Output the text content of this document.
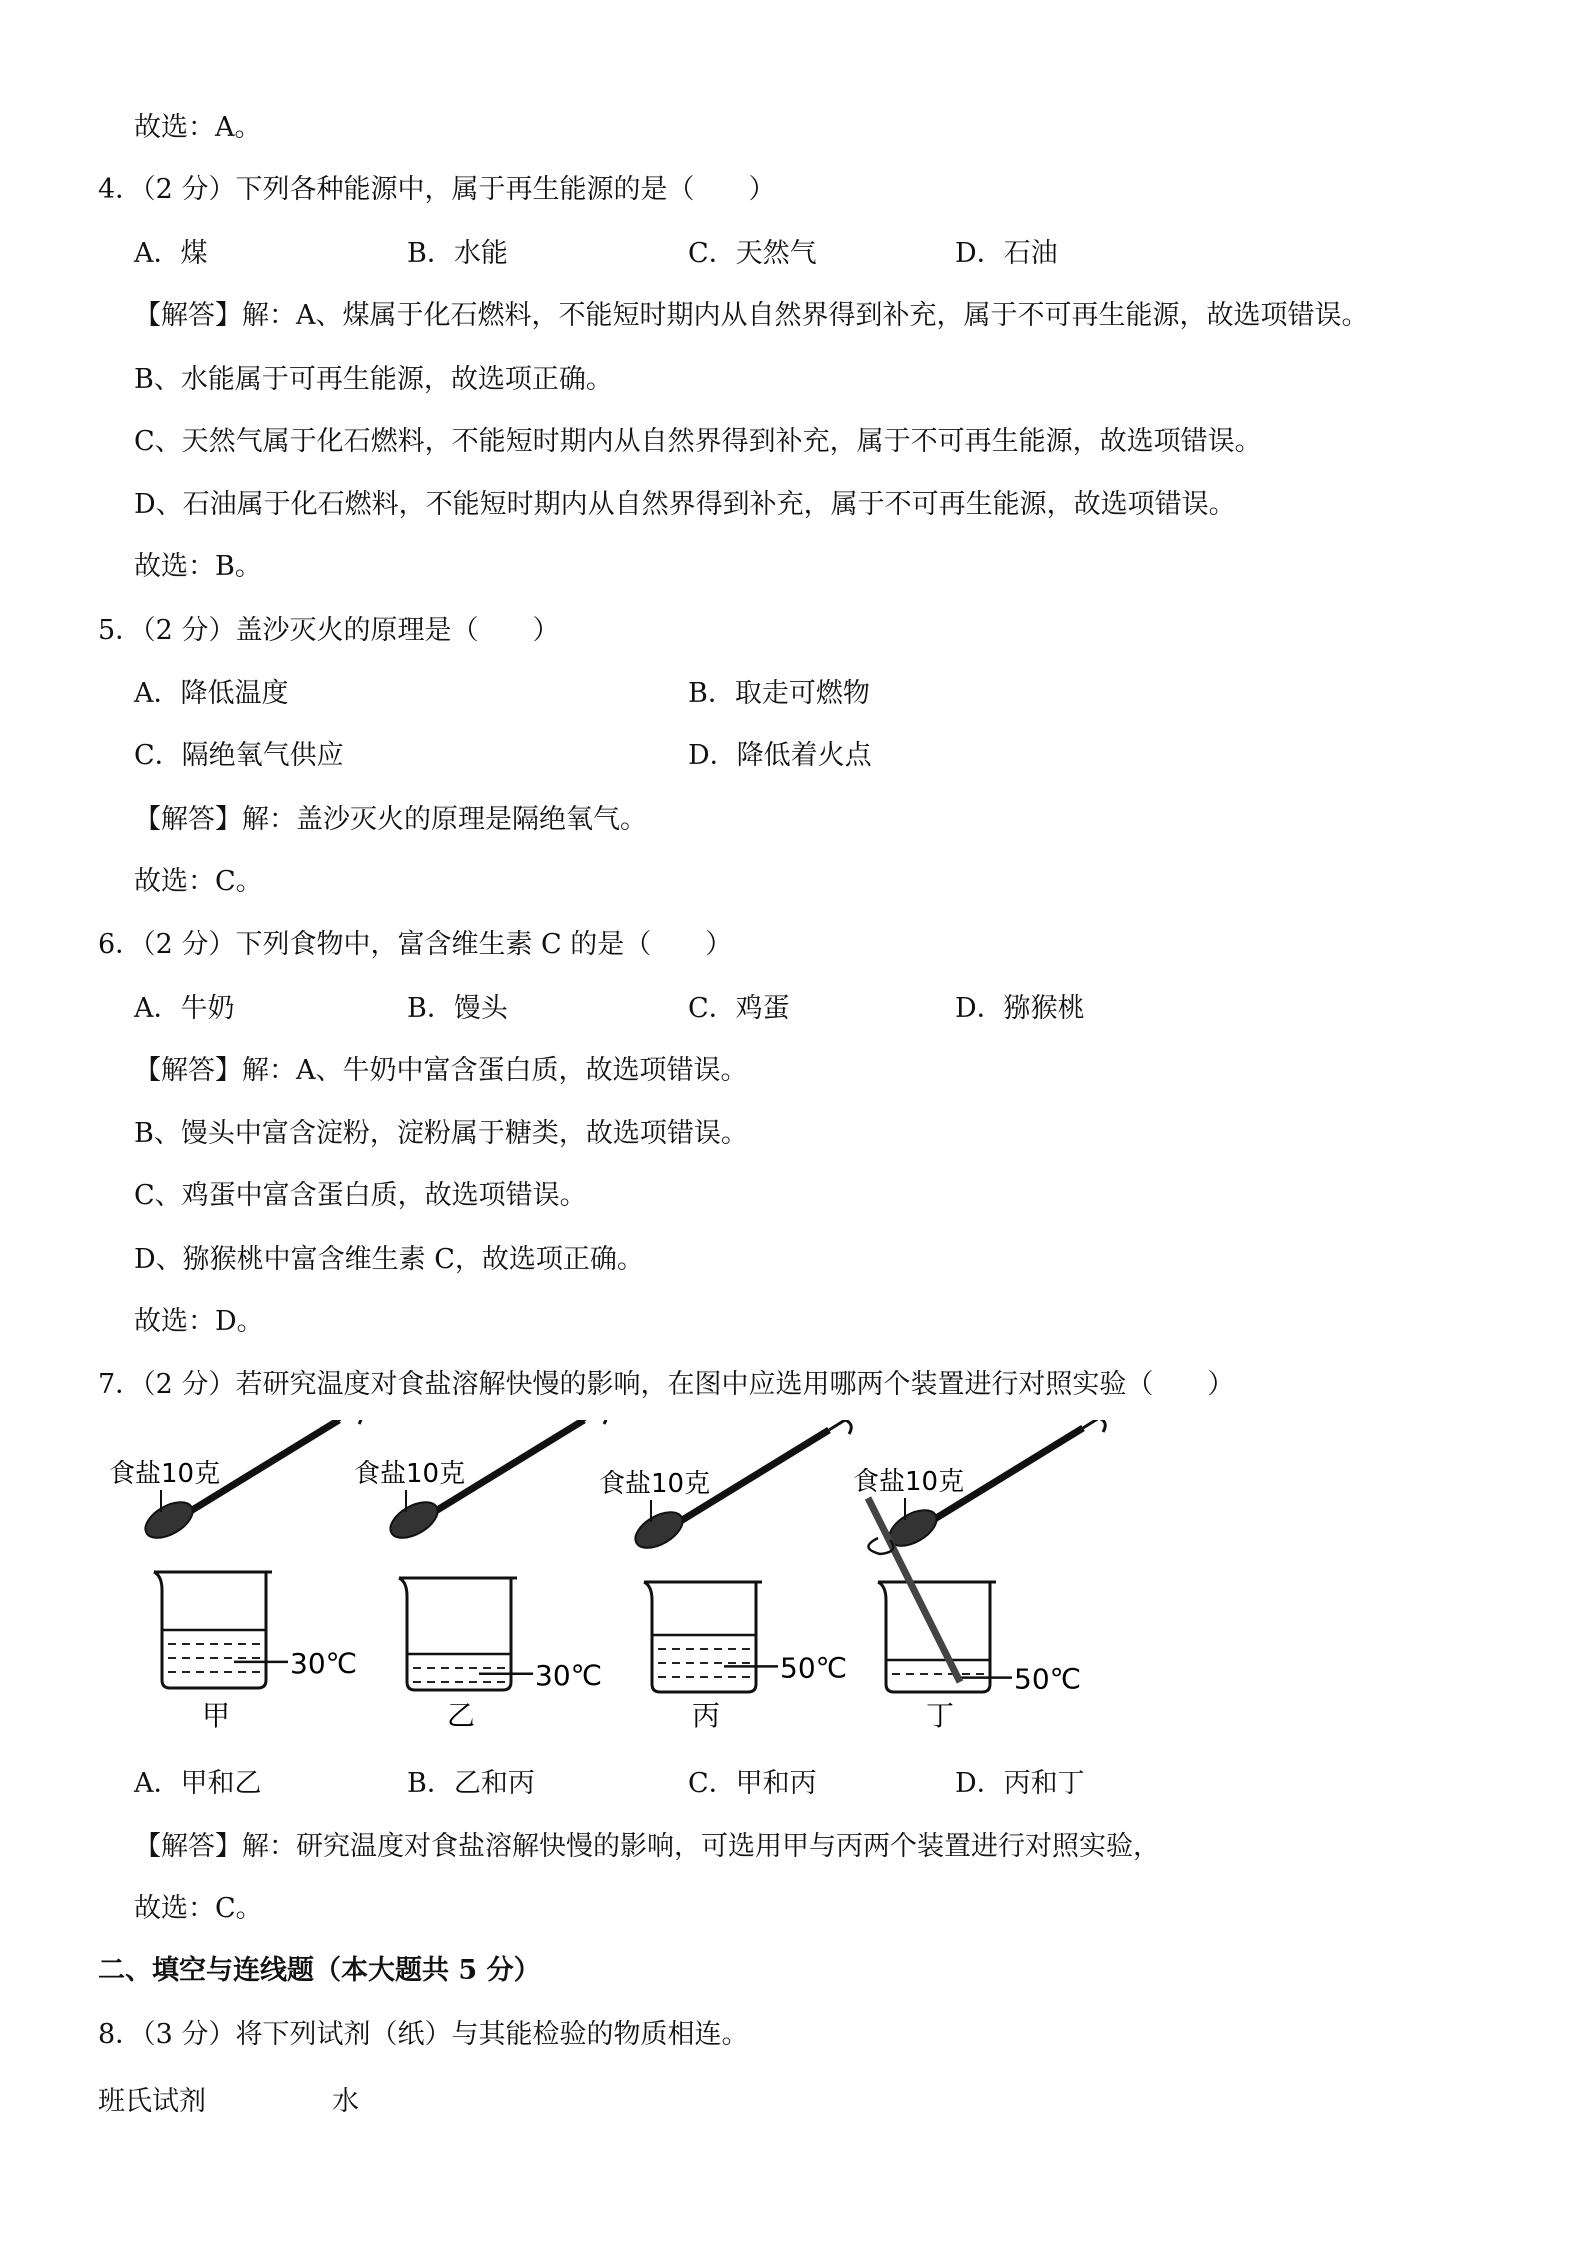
故选：A。
4．（2 分）下列各种能源中，属于再生能源的是（　　）
A．煤	B．水能	C．天然气	D．石油
【解答】解：A、煤属于化石燃料，不能短时期内从自然界得到补充，属于不可再生能源，故选项错误。
B、水能属于可再生能源，故选项正确。
C、天然气属于化石燃料，不能短时期内从自然界得到补充，属于不可再生能源，故选项错误。
D、石油属于化石燃料，不能短时期内从自然界得到补充，属于不可再生能源，故选项错误。
故选：B。
5．（2 分）盖沙灭火的原理是（　　）
A．降低温度	B．取走可燃物
C．隔绝氧气供应	D．降低着火点
【解答】解：盖沙灭火的原理是隔绝氧气。
故选：C。
6．（2 分）下列食物中，富含维生素 C 的是（　　）
A．牛奶	B．馒头	C．鸡蛋	D．猕猴桃
【解答】解：A、牛奶中富含蛋白质，故选项错误。
B、馒头中富含淀粉，淀粉属于糖类，故选项错误。
C、鸡蛋中富含蛋白质，故选项错误。
D、猕猴桃中富含维生素 C，故选项正确。
故选：D。
7．（2 分）若研究温度对食盐溶解快慢的影响，在图中应选用哪两个装置进行对照实验（　　）
30℃
甲
食盐10克
30℃
乙
食盐10克
50℃
丙
食盐10克
50℃
丁
食盐10克
A．甲和乙	B．乙和丙	C．甲和丙	D．丙和丁
【解答】解：研究温度对食盐溶解快慢的影响，可选用甲与丙两个装置进行对照实验，
故选：C。
二、填空与连线题（本大题共 5 分）
8．（3 分）将下列试剂（纸）与其能检验的物质相连。
班氏试剂	水
